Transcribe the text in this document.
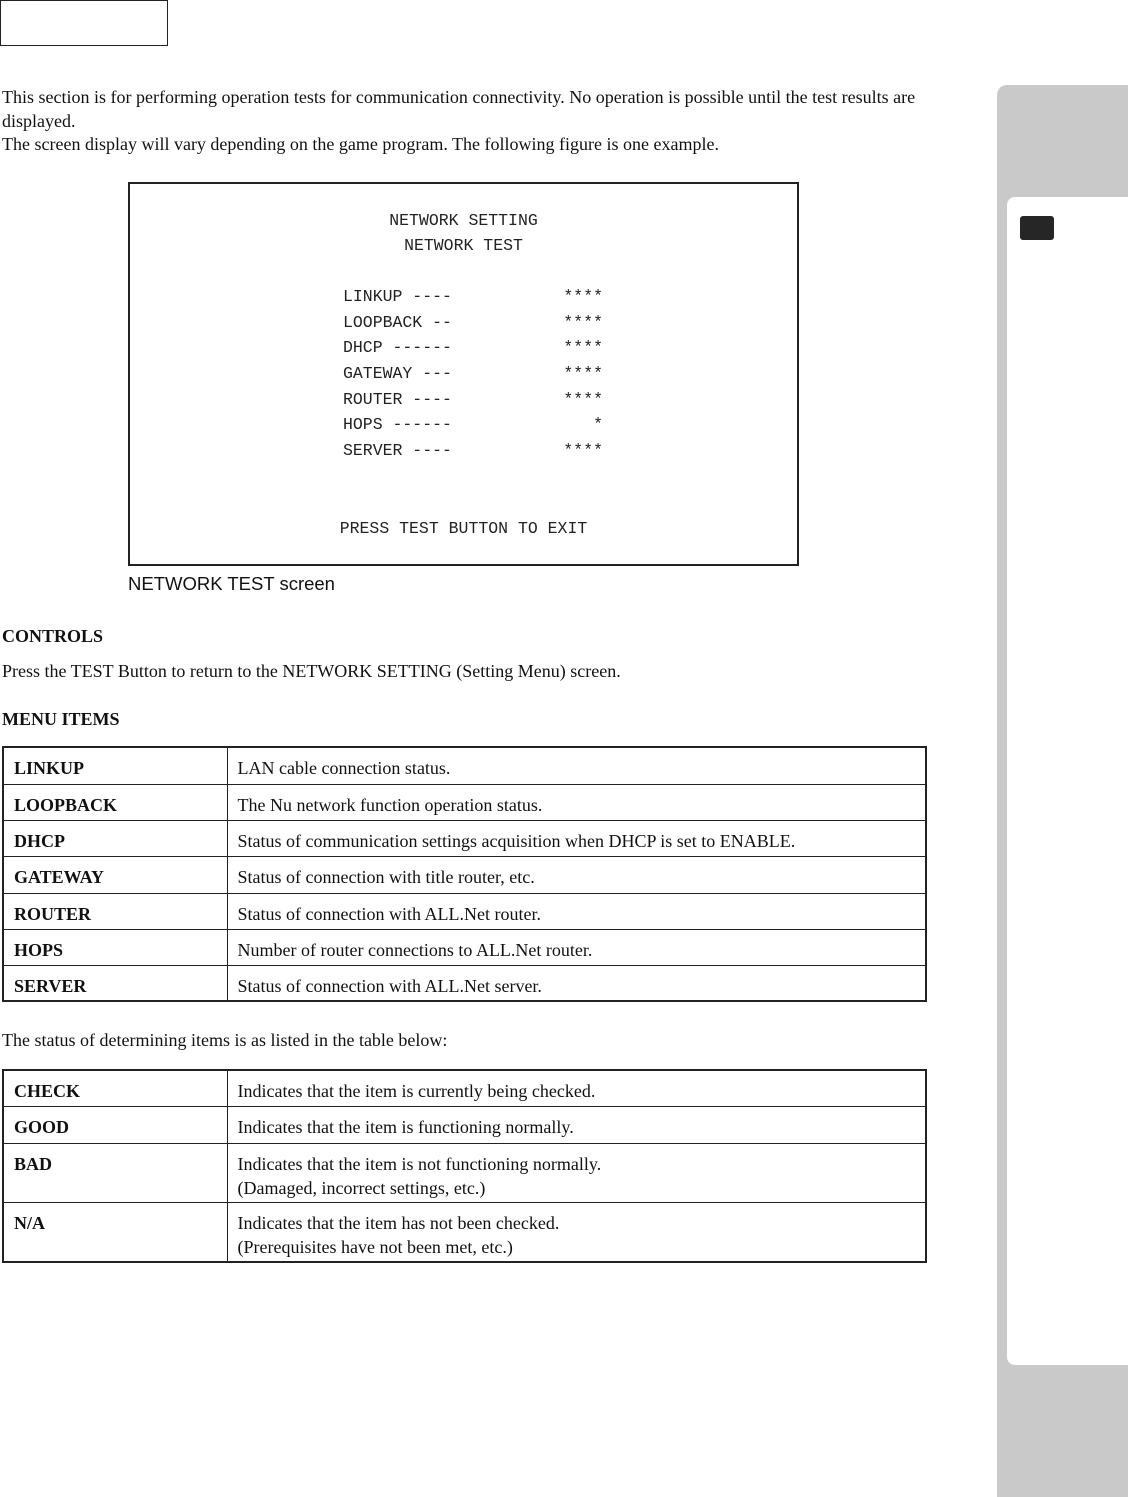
This section is for performing operation tests for communication connectivity. No operation is possible until the test results are displayed.

The screen display will vary depending on the game program. The following figure is one example.

NETWORK SETTING
NETWORK TEST
LINKUP ----	****
LOOPBACK --	****
DHCP ------	****
GATEWAY ---	****
ROUTER ----	****
HOPS ------	*
SERVER ----	****
PRESS TEST BUTTON TO EXIT
NETWORK TEST screen
CONTROLS
Press the TEST Button to return to the NETWORK SETTING (Setting Menu) screen.
MENU ITEMS
LINKUP	LAN cable connection status.
LOOPBACK	The Nu network function operation status.
DHCP	Status of communication settings acquisition when DHCP is set to ENABLE.
GATEWAY	Status of connection with title router, etc.
ROUTER	Status of connection with ALL.Net router.
HOPS	Number of router connections to ALL.Net router.
SERVER	Status of connection with ALL.Net server.
The status of determining items is as listed in the table below:
CHECK	Indicates that the item is currently being checked.

GOOD	Indicates that the item is functioning normally.

BAD	Indicates that the item is not functioning normally.
(Damaged, incorrect settings, etc.)

N/A	Indicates that the item has not been checked.
(Prerequisites have not been met, etc.)
